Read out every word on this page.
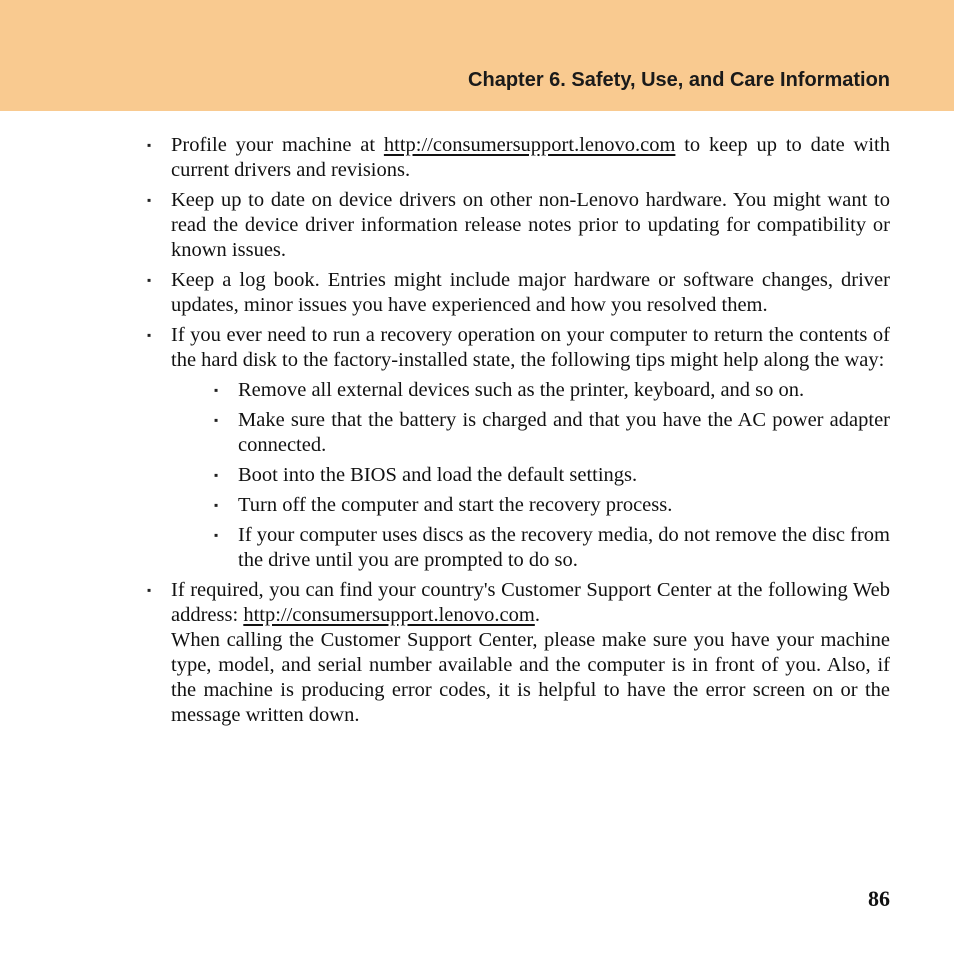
Chapter 6. Safety, Use, and Care Information
▪ Profile your machine at http://consumersupport.lenovo.com to keep up to date with current drivers and revisions.
▪ Keep up to date on device drivers on other non-Lenovo hardware. You might want to read the device driver information release notes prior to updating for compatibility or known issues.
▪ Keep a log book. Entries might include major hardware or software changes, driver updates, minor issues you have experienced and how you resolved them.
▪ If you ever need to run a recovery operation on your computer to return the contents of the hard disk to the factory-installed state, the following tips might help along the way:
▪ Remove all external devices such as the printer, keyboard, and so on.
▪ Make sure that the battery is charged and that you have the AC power adapter connected.
▪ Boot into the BIOS and load the default settings.
▪ Turn off the computer and start the recovery process.
▪ If your computer uses discs as the recovery media, do not remove the disc from the drive until you are prompted to do so.
▪ If required, you can find your country's Customer Support Center at the following Web address: http://consumersupport.lenovo.com.
When calling the Customer Support Center, please make sure you have your machine type, model, and serial number available and the computer is in front of you. Also, if the machine is producing error codes, it is helpful to have the error screen on or the message written down.
86
